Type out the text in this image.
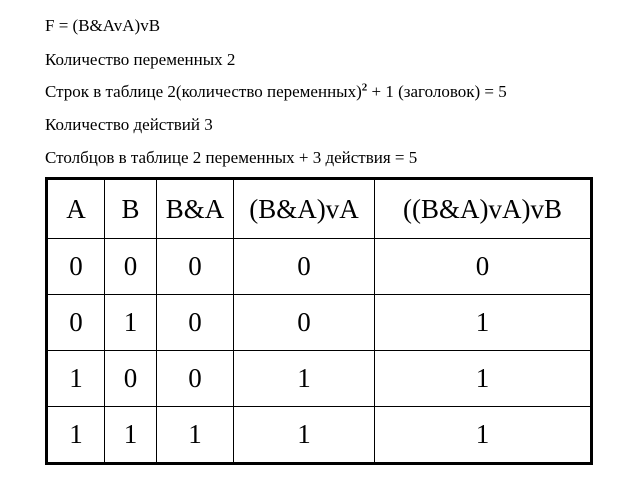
F = (B&AvA)vB
Количество переменных 2
Строк в таблице 2(количество переменных)$^2$ + 1 (заголовок) = 5
Количество действий 3
Столбцов в таблице 2 переменных + 3 действия = 5
A	B	B&A	(B&A)vA	((B&A)vA)vB
0	0	0	0	0
0	1	0	0	1
1	0	0	1	1
1	1	1	1	1
